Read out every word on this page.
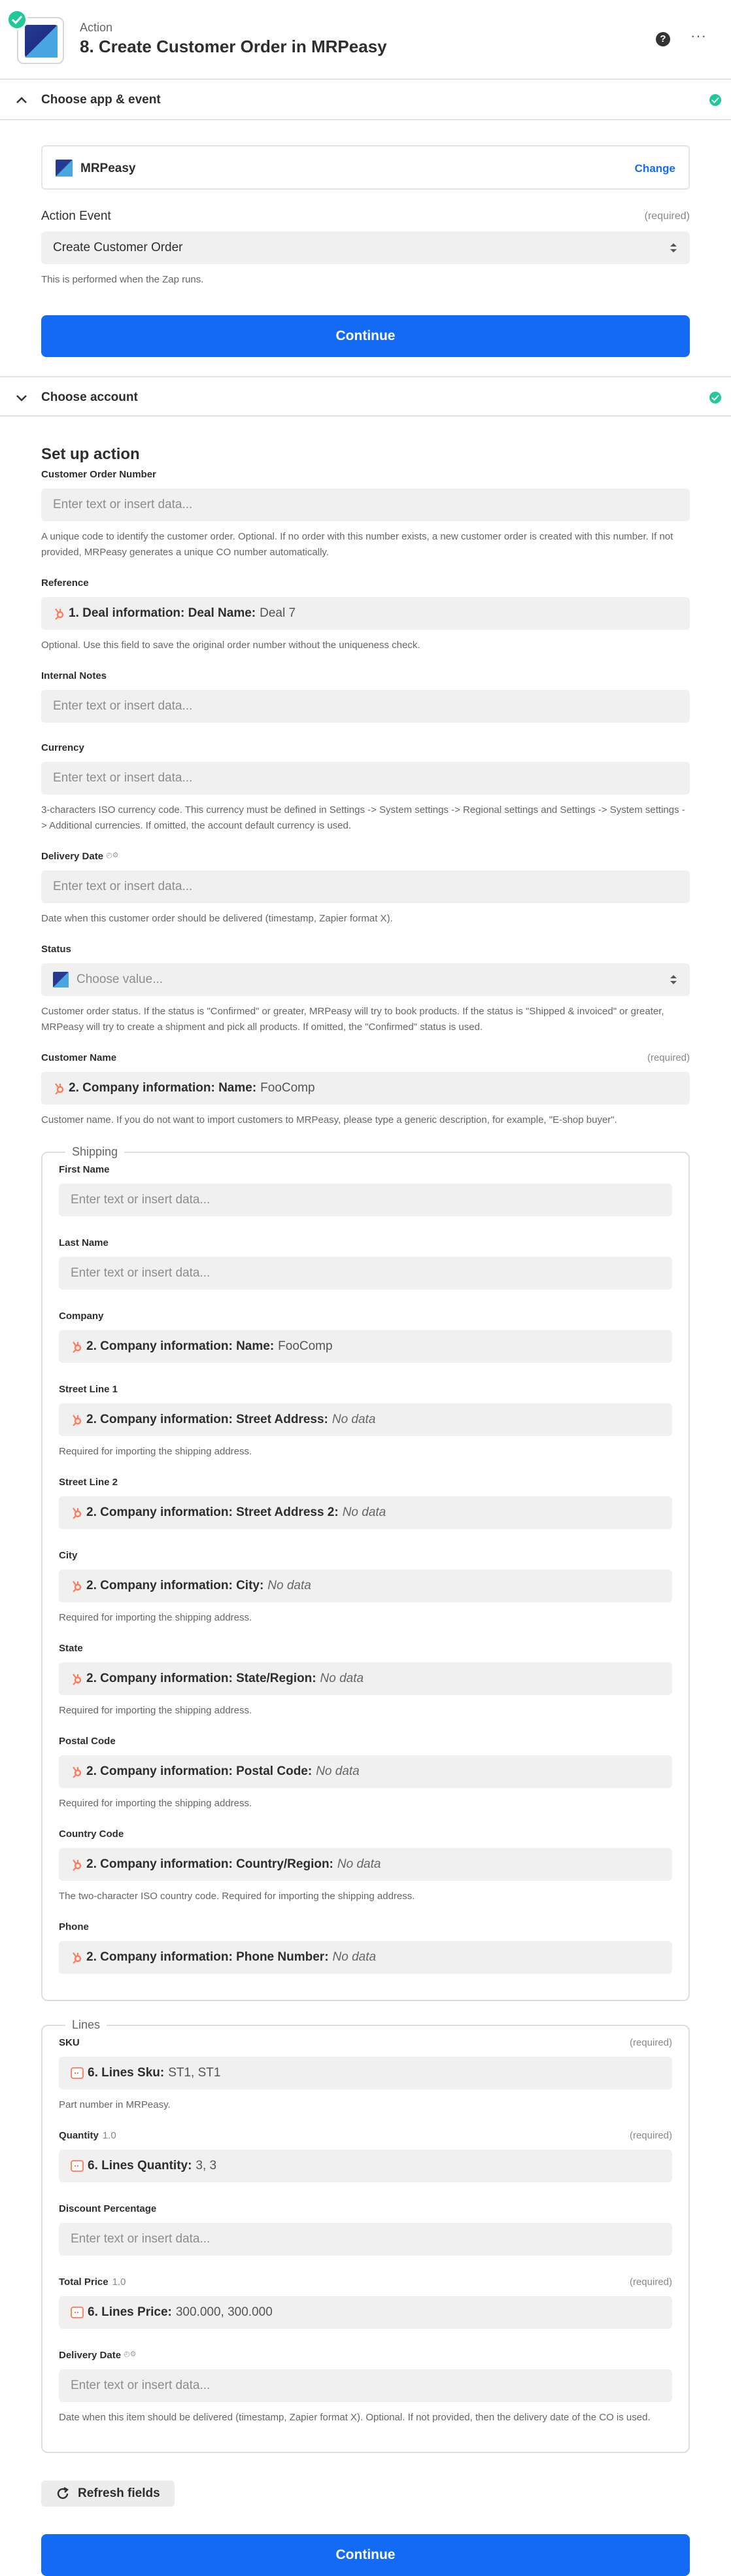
Action
8. Create Customer Order in MRPeasy	? ···
Choose app & event
MRPeasy	Change
Action Event	(required)
Create Customer Order
This is performed when the Zap runs.
Continue
Choose account
Set up action
Customer Order Number
Enter text or insert data...
A unique code to identify the customer order. Optional. If no order with this number exists, a new customer order is created with this number. If not provided, MRPeasy generates a unique CO number automatically.
Reference
1. Deal information: Deal Name: Deal 7
Optional. Use this field to save the original order number without the uniqueness check.
Internal Notes
Enter text or insert data...
Currency
Enter text or insert data...
3-characters ISO currency code. This currency must be defined in Settings -> System settings -> Regional settings and Settings -> System settings -> Additional currencies. If omitted, the account default currency is used.
Delivery Date ◴⚙
Enter text or insert data...
Date when this customer order should be delivered (timestamp, Zapier format X).
Status
Choose value...
Customer order status. If the status is "Confirmed" or greater, MRPeasy will try to book products. If the status is "Shipped & invoiced" or greater, MRPeasy will try to create a shipment and pick all products. If omitted, the "Confirmed" status is used.
Customer Name	(required)
2. Company information: Name: FooComp
Customer name. If you do not want to import customers to MRPeasy, please type a generic description, for example, "E-shop buyer".
Shipping
First Name
Enter text or insert data...
Last Name
Enter text or insert data...
Company
2. Company information: Name: FooComp
Street Line 1
2. Company information: Street Address: No data
Required for importing the shipping address.
Street Line 2
2. Company information: Street Address 2: No data
City
2. Company information: City: No data
Required for importing the shipping address.
State
2. Company information: State/Region: No data
Required for importing the shipping address.
Postal Code
2. Company information: Postal Code: No data
Required for importing the shipping address.
Country Code
2. Company information: Country/Region: No data
The two-character ISO country code. Required for importing the shipping address.
Phone
2. Company information: Phone Number: No data
Lines
SKU	(required)
6. Lines Sku: ST1, ST1
Part number in MRPeasy.
Quantity 1.0	(required)
6. Lines Quantity: 3, 3
Discount Percentage
Enter text or insert data...
Total Price 1.0	(required)
6. Lines Price: 300.000, 300.000
Delivery Date ◴⚙
Enter text or insert data...
Date when this item should be delivered (timestamp, Zapier format X). Optional. If not provided, then the delivery date of the CO is used.
Refresh fields
Continue
